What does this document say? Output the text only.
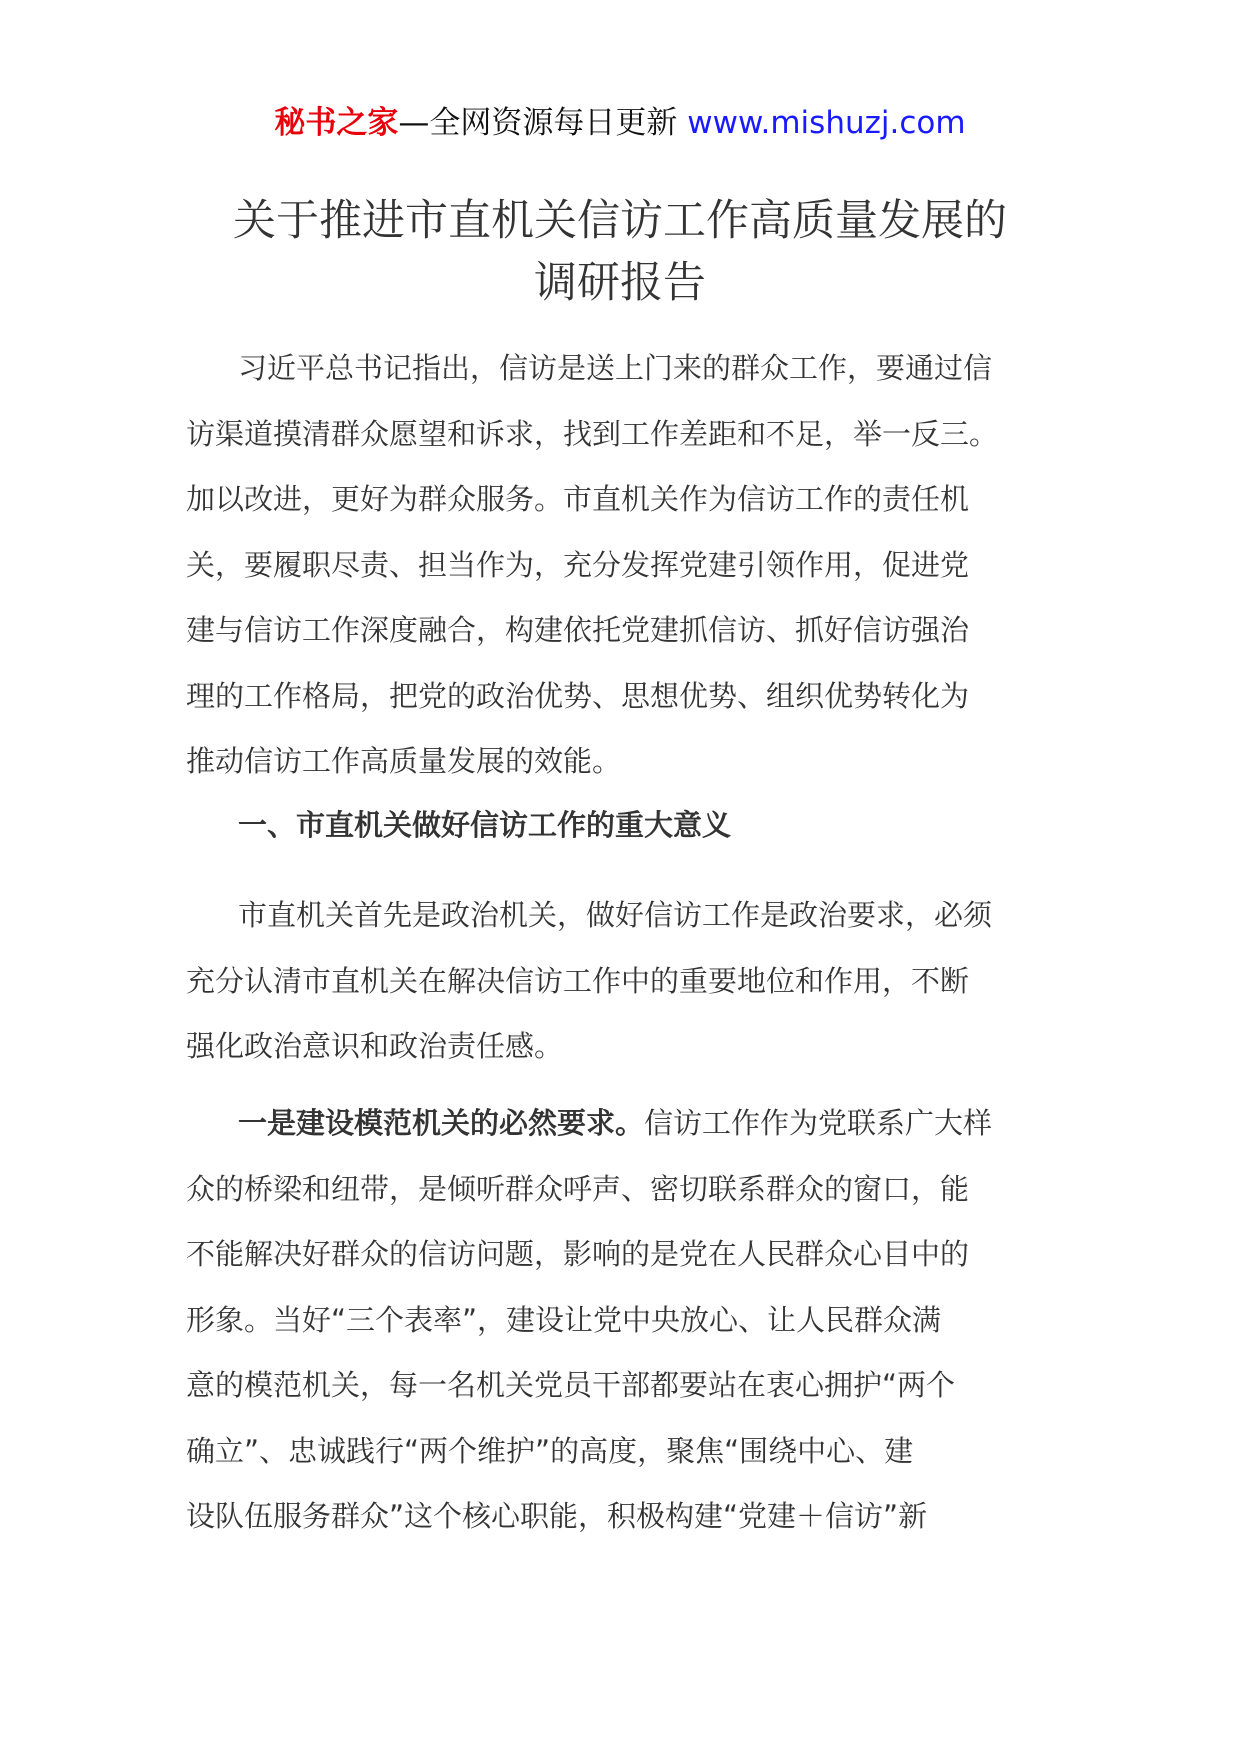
秘书之家—全网资源每日更新 www.mishuzj.com
关于推进市直机关信访工作高质量发展的
调研报告
习近平总书记指出，信访是送上门来的群众工作，要通过信
访渠道摸清群众愿望和诉求，找到工作差距和不足，举一反三。
加以改进，更好为群众服务。市直机关作为信访工作的责任机
关，要履职尽责、担当作为，充分发挥党建引领作用，促进党
建与信访工作深度融合，构建依托党建抓信访、抓好信访强治
理的工作格局，把党的政治优势、思想优势、组织优势转化为
推动信访工作高质量发展的效能。
一、市直机关做好信访工作的重大意义
市直机关首先是政治机关，做好信访工作是政治要求，必须
充分认清市直机关在解决信访工作中的重要地位和作用，不断
强化政治意识和政治责任感。
一是建设模范机关的必然要求。信访工作作为党联系广大样
众的桥梁和纽带，是倾听群众呼声、密切联系群众的窗口，能
不能解决好群众的信访问题，影响的是党在人民群众心目中的
形象。当好“三个表率”，建设让党中央放心、让人民群众满
意的模范机关，每一名机关党员干部都要站在衷心拥护“两个
确立”、忠诚践行“两个维护”的高度，聚焦“围绕中心、建
设队伍服务群众”这个核心职能，积极构建“党建＋信访”新
